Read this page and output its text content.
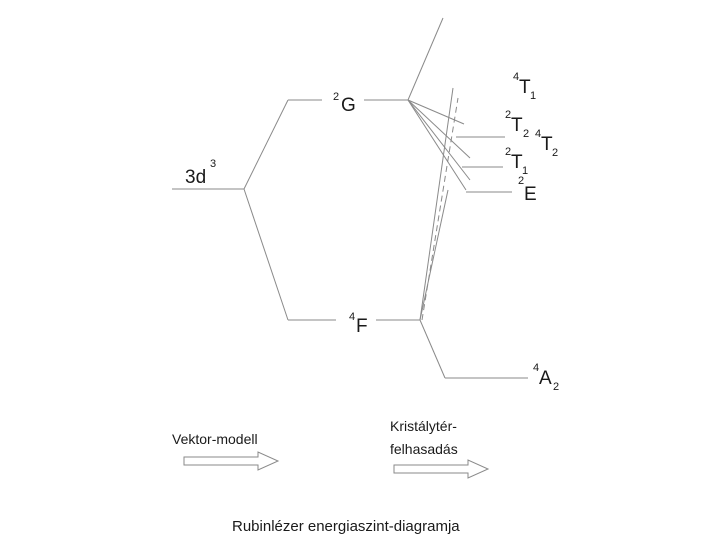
3d
3
2 G
4 F
4 T 1
2 T 2 4 T 2
2 T 1
2
E
4 A 2
Vektor-modell
Kristálytér-
felhasadás
Rubinlézer energiaszint-diagramja
